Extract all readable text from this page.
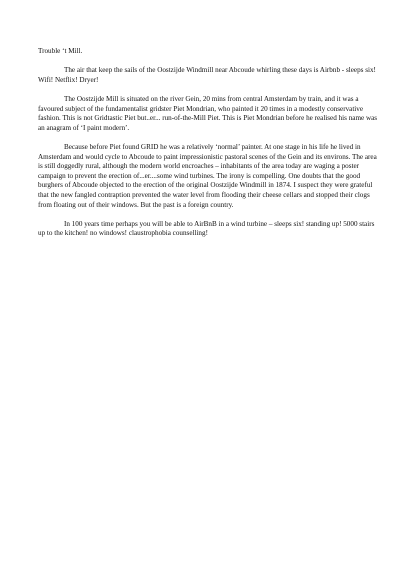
Trouble ‘t Mill.

The air that keep the sails of the Oostzijde Windmill near Abcoude whirling these days is Airbnb - sleeps six! Wifi! Netflix! Dryer!

The Oostzijde Mill is situated on the river Gein, 20 mins from central Amsterdam by train, and it was a favoured subject of the fundamentalist gridster Piet Mondrian, who painted it 20 times in a modestly conservative fashion. This is not Gridtastic Piet but..er... run-of-the-Mill Piet. This is Piet Mondrian before he realised his name was an anagram of ‘I paint modern’.

Because before Piet found GRID he was a relatively ‘normal’ painter. At one stage in his life he lived in Amsterdam and would cycle to Abcoude to paint impressionistic pastoral scenes of the Gein and its environs. The area is still doggedly rural, although the modern world encroaches – inhabitants of the area today are waging a poster campaign to prevent the erection of...er....some wind turbines. The irony is compelling. One doubts that the good burghers of Abcoude objected to the erection of the original Oostzijde Windmill in 1874. I suspect they were grateful that the new fangled contraption prevented the water level from flooding their cheese cellars and stopped their clogs from floating out of their windows. But the past is a foreign country.

In 100 years time perhaps you will be able to AirBnB in a wind turbine – sleeps six! standing up! 5000 stairs up to the kitchen! no windows! claustrophobia counselling!
